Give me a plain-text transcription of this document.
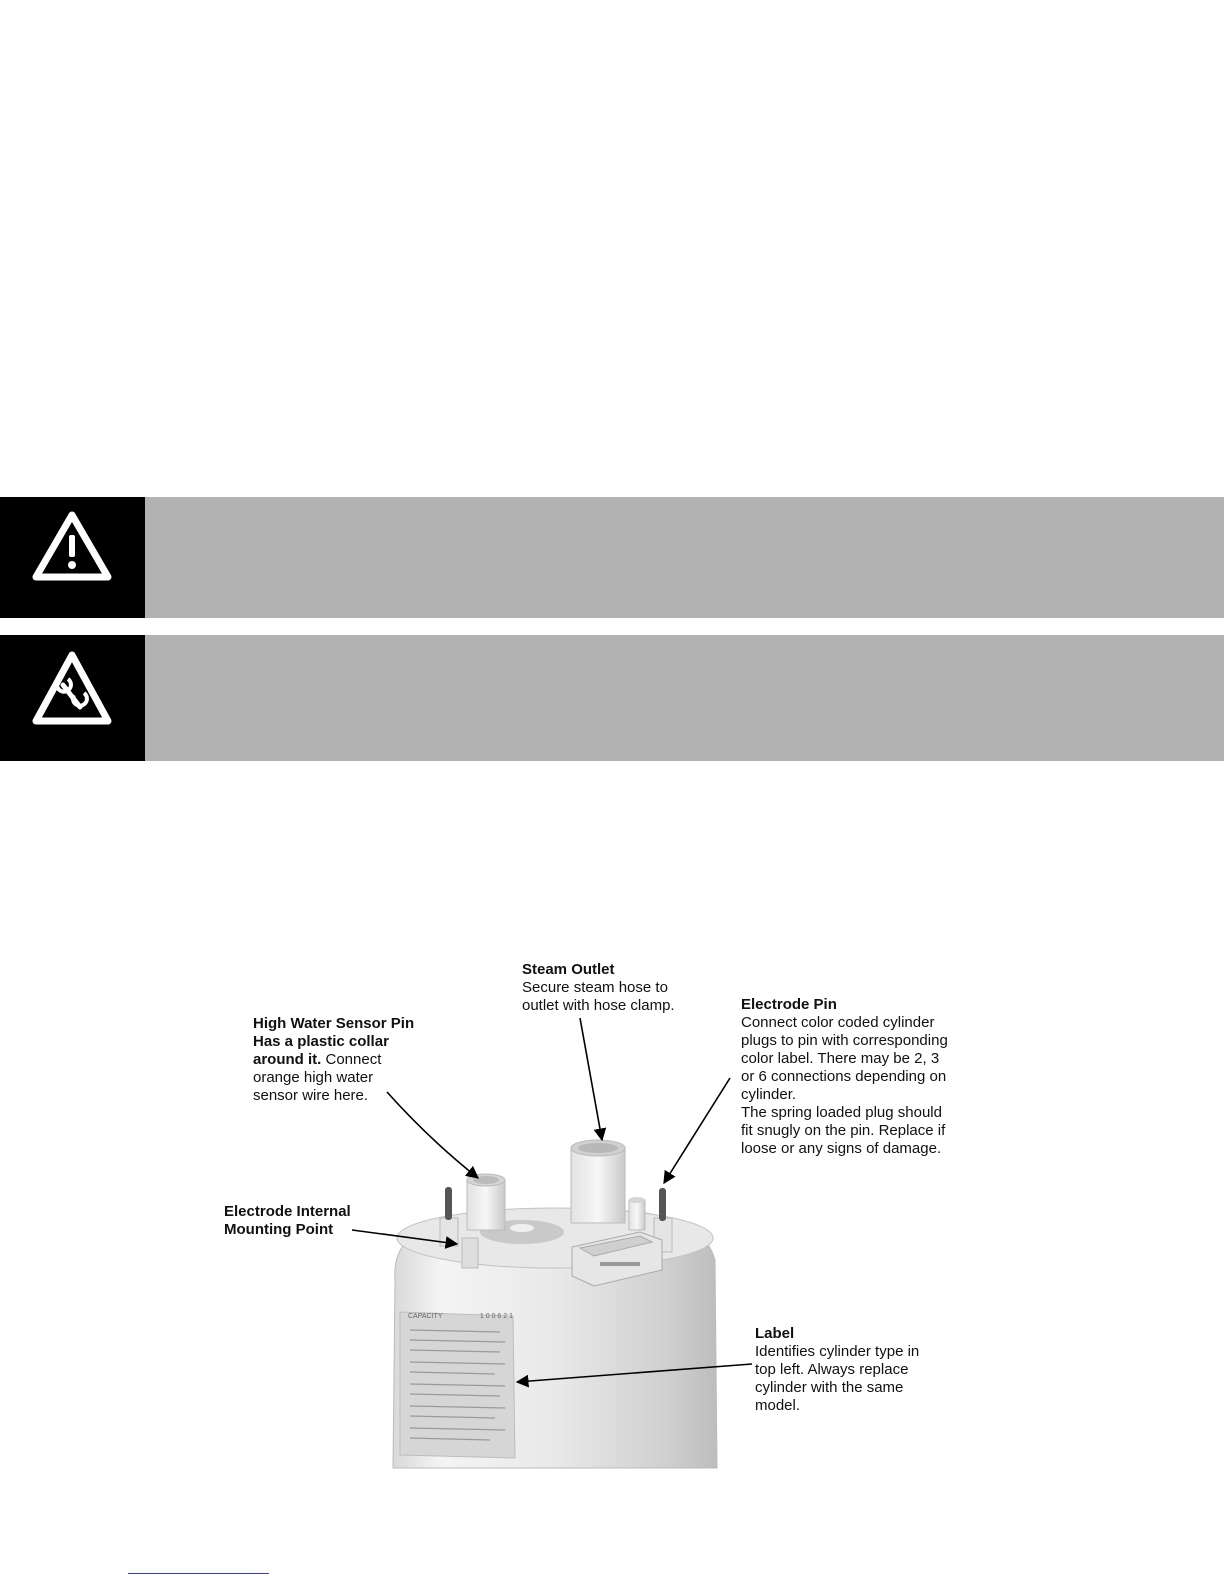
Steam Outlet
Secure steam hose to
outlet with hose clamp.
High Water Sensor Pin
Has a plastic collar
around it. Connect
orange high water
sensor wire here.
Electrode Pin
Connect color coded cylinder
plugs to pin with corresponding
color label. There may be 2, 3
or 6 connections depending on
cylinder.
The spring loaded plug should
fit snugly on the pin. Replace if
loose or any signs of damage.
Electrode Internal
Mounting Point
Label
Identifies cylinder type in
top left. Always replace
cylinder with the same
model.
CAPACITY	1 0 0 6 2 1
